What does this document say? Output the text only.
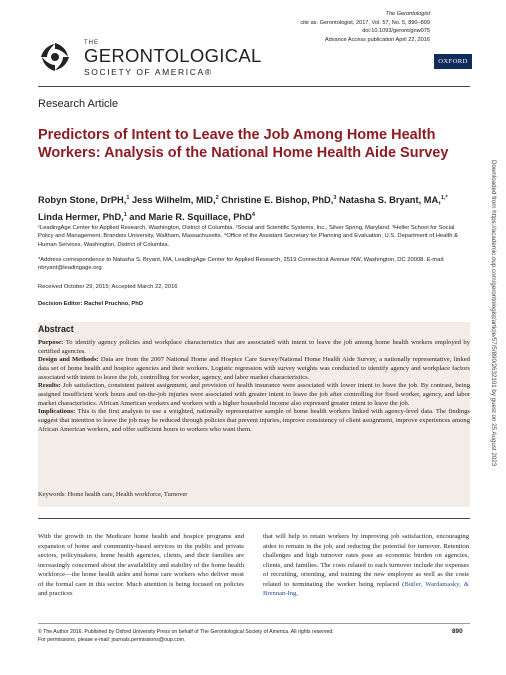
THE
GERONTOLOGICAL
SOCIETY OF AMERICA®
The Gerontologist
cite as: Gerontologist, 2017, Vol. 57, No. 5, 890–899
doi:10.1093/geront/gnw075
Advance Access publication April 22, 2016
OXFORD
Research Article
Predictors of Intent to Leave the Job Among Home Health Workers: Analysis of the National Home Health Aide Survey
Robyn Stone, DrPH,$^1$ Jess Wilhelm, MID,$^2$ Christine E. Bishop, PhD,$^3$ Natasha S. Bryant, MA,$^{1,*}$ Linda Hermer, PhD,$^1$ and Marie R. Squillace, PhD$^4$
¹LeadingAge Center for Applied Research, Washington, District of Columbia. ²Social and Scientific Systems, Inc., Silver Spring, Maryland. ³Heller School for Social Policy and Management, Brandeis University, Waltham, Massachusetts. ⁴Office of the Assistant Secretary for Planning and Evaluation, U.S. Department of Health & Human Services, Washington, District of Columbia.
*Address correspondence to Natasha S. Bryant, MA, LeadingAge Center for Applied Research, 2519 Connecticut Avenue NW, Washington, DC 20008. E-mail: nbryant@leadingage.org
Received October 29, 2015; Accepted March 22, 2016
Decision Editor: Rachel Pruchno, PhD
Abstract

Purpose: To identify agency policies and workplace characteristics that are associated with intent to leave the job among home health workers employed by certified agencies.

Design and Methods: Data are from the 2007 National Home and Hospice Care Survey/National Home Health Aide Survey, a nationally representative, linked data set of home health and hospice agencies and their workers. Logistic regression with survey weights was conducted to identify agency and workplace factors associated with intent to leave the job, controlling for worker, agency, and labor market characteristics.

Results: Job satisfaction, consistent patient assignment, and provision of health insurance were associated with lower intent to leave the job. By contrast, being assigned insufficient work hours and on-the-job injuries were associated with greater intent to leave the job after controlling for fixed worker, agency, and labor market characteristics. African American workers and workers with a higher household income also expressed greater intent to leave the job.

Implications: This is the first analysis to use a weighted, nationally representative sample of home health workers linked with agency-level data. The findings suggest that intention to leave the job may be reduced through policies that prevent injuries, improve consistency of client assignment, improve experiences among African American workers, and offer sufficient hours to workers who want them.

Keywords: Home health care, Health workforce, Turnover
With the growth in the Medicare home health and hospice programs and expansion of home and community-based services in the public and private sectors, policymakers, home health agencies, clients, and their families are increasingly concerned about the availability and stability of the home health workforce—the home health aides and home care workers who deliver most of the formal care in this sector. Much attention is being focused on policies and practices
that will help to retain workers by improving job satisfaction, encouraging aides to remain in the job, and reducing the potential for turnover. Retention challenges and high turnover rates pose an economic burden on agencies, clients, and families. The costs related to each turnover include the expenses of recruiting, orienting, and training the new employee as well as the costs related to terminating the worker being replaced (Butler, Wardamasky, & Brennan-Ing,
© The Author 2016. Published by Oxford University Press on behalf of The Gerontological Society of America. All rights reserved.
For permissions, please e-mail: journals.permissions@oup.com.
890
Downloaded from https://academic.oup.com/gerontologist/article/57/5/890/2632101 by guest on 25 August 2023
